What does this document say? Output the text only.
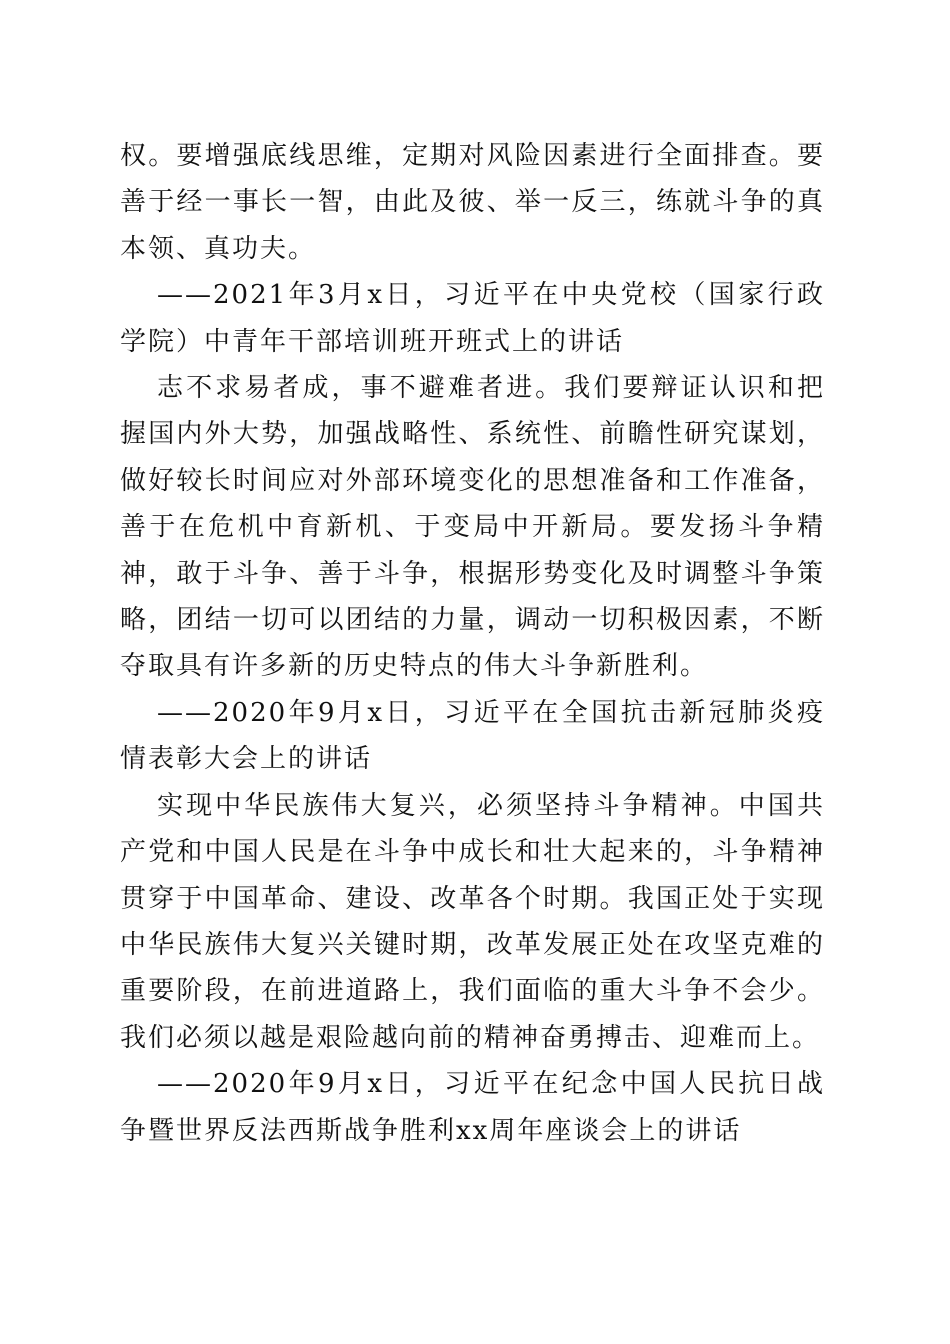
权。要增强底线思维，定期对风险因素进行全面排查。要善于经一事长一智，由此及彼、举一反三，练就斗争的真本领、真功夫。

——2021年3月x日，习近平在中央党校（国家行政学院）中青年干部培训班开班式上的讲话

志不求易者成，事不避难者进。我们要辩证认识和把握国内外大势，加强战略性、系统性、前瞻性研究谋划，做好较长时间应对外部环境变化的思想准备和工作准备，善于在危机中育新机、于变局中开新局。要发扬斗争精神，敢于斗争、善于斗争，根据形势变化及时调整斗争策略，团结一切可以团结的力量，调动一切积极因素，不断夺取具有许多新的历史特点的伟大斗争新胜利。

——2020年9月x日，习近平在全国抗击新冠肺炎疫情表彰大会上的讲话

实现中华民族伟大复兴，必须坚持斗争精神。中国共产党和中国人民是在斗争中成长和壮大起来的，斗争精神贯穿于中国革命、建设、改革各个时期。我国正处于实现中华民族伟大复兴关键时期，改革发展正处在攻坚克难的重要阶段，在前进道路上，我们面临的重大斗争不会少。我们必须以越是艰险越向前的精神奋勇搏击、迎难而上。

——2020年9月x日，习近平在纪念中国人民抗日战争暨世界反法西斯战争胜利xx周年座谈会上的讲话
